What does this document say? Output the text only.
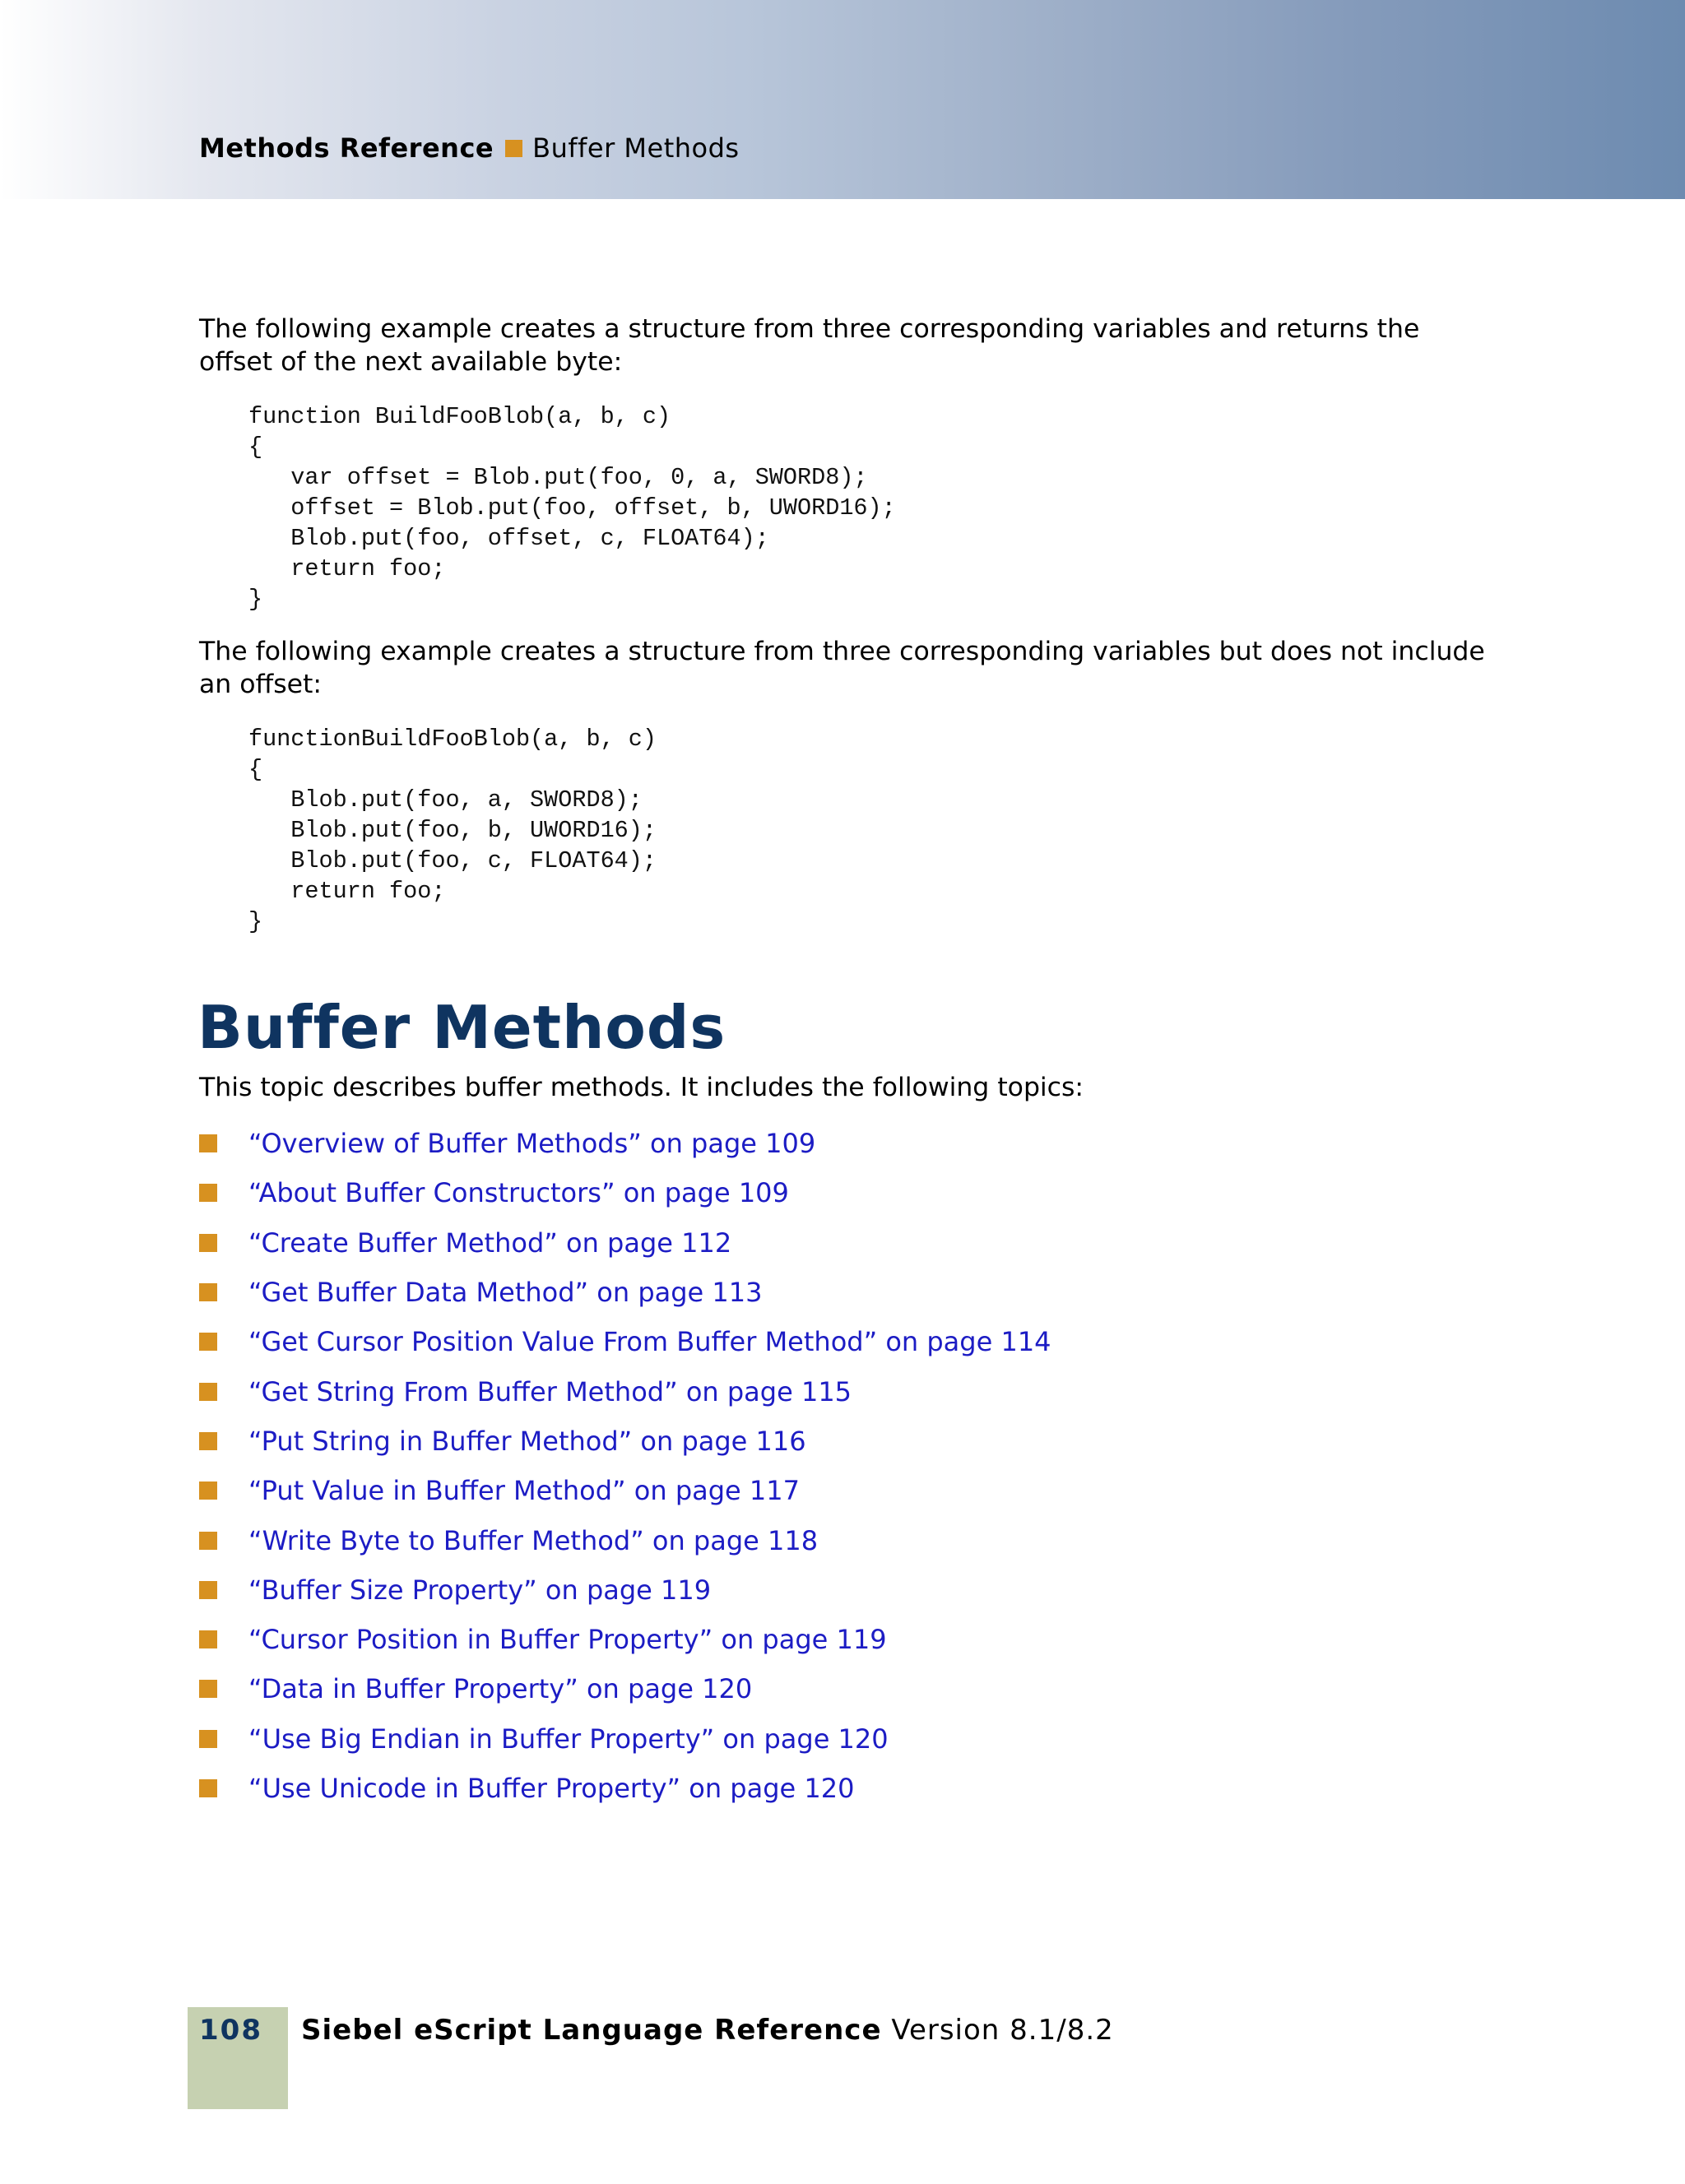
Methods Reference Buffer Methods

The following example creates a structure from three corresponding variables and returns the offset of the next available byte:

function BuildFooBlob(a, b, c)
{
var offset = Blob.put(foo, 0, a, SWORD8);
offset = Blob.put(foo, offset, b, UWORD16);
Blob.put(foo, offset, c, FLOAT64);
return foo;
}

The following example creates a structure from three corresponding variables but does not include an offset:

functionBuildFooBlob(a, b, c)
{
Blob.put(foo, a, SWORD8);
Blob.put(foo, b, UWORD16);
Blob.put(foo, c, FLOAT64);
return foo;
}
Buffer Methods

This topic describes buffer methods. It includes the following topics:

“Overview of Buffer Methods” on page 109
“About Buffer Constructors” on page 109
“Create Buffer Method” on page 112
“Get Buffer Data Method” on page 113
“Get Cursor Position Value From Buffer Method” on page 114
“Get String From Buffer Method” on page 115
“Put String in Buffer Method” on page 116
“Put Value in Buffer Method” on page 117
“Write Byte to Buffer Method” on page 118
“Buffer Size Property” on page 119
“Cursor Position in Buffer Property” on page 119
“Data in Buffer Property” on page 120
“Use Big Endian in Buffer Property” on page 120
“Use Unicode in Buffer Property” on page 120
108 Siebel eScript Language Reference Version 8.1/8.2
